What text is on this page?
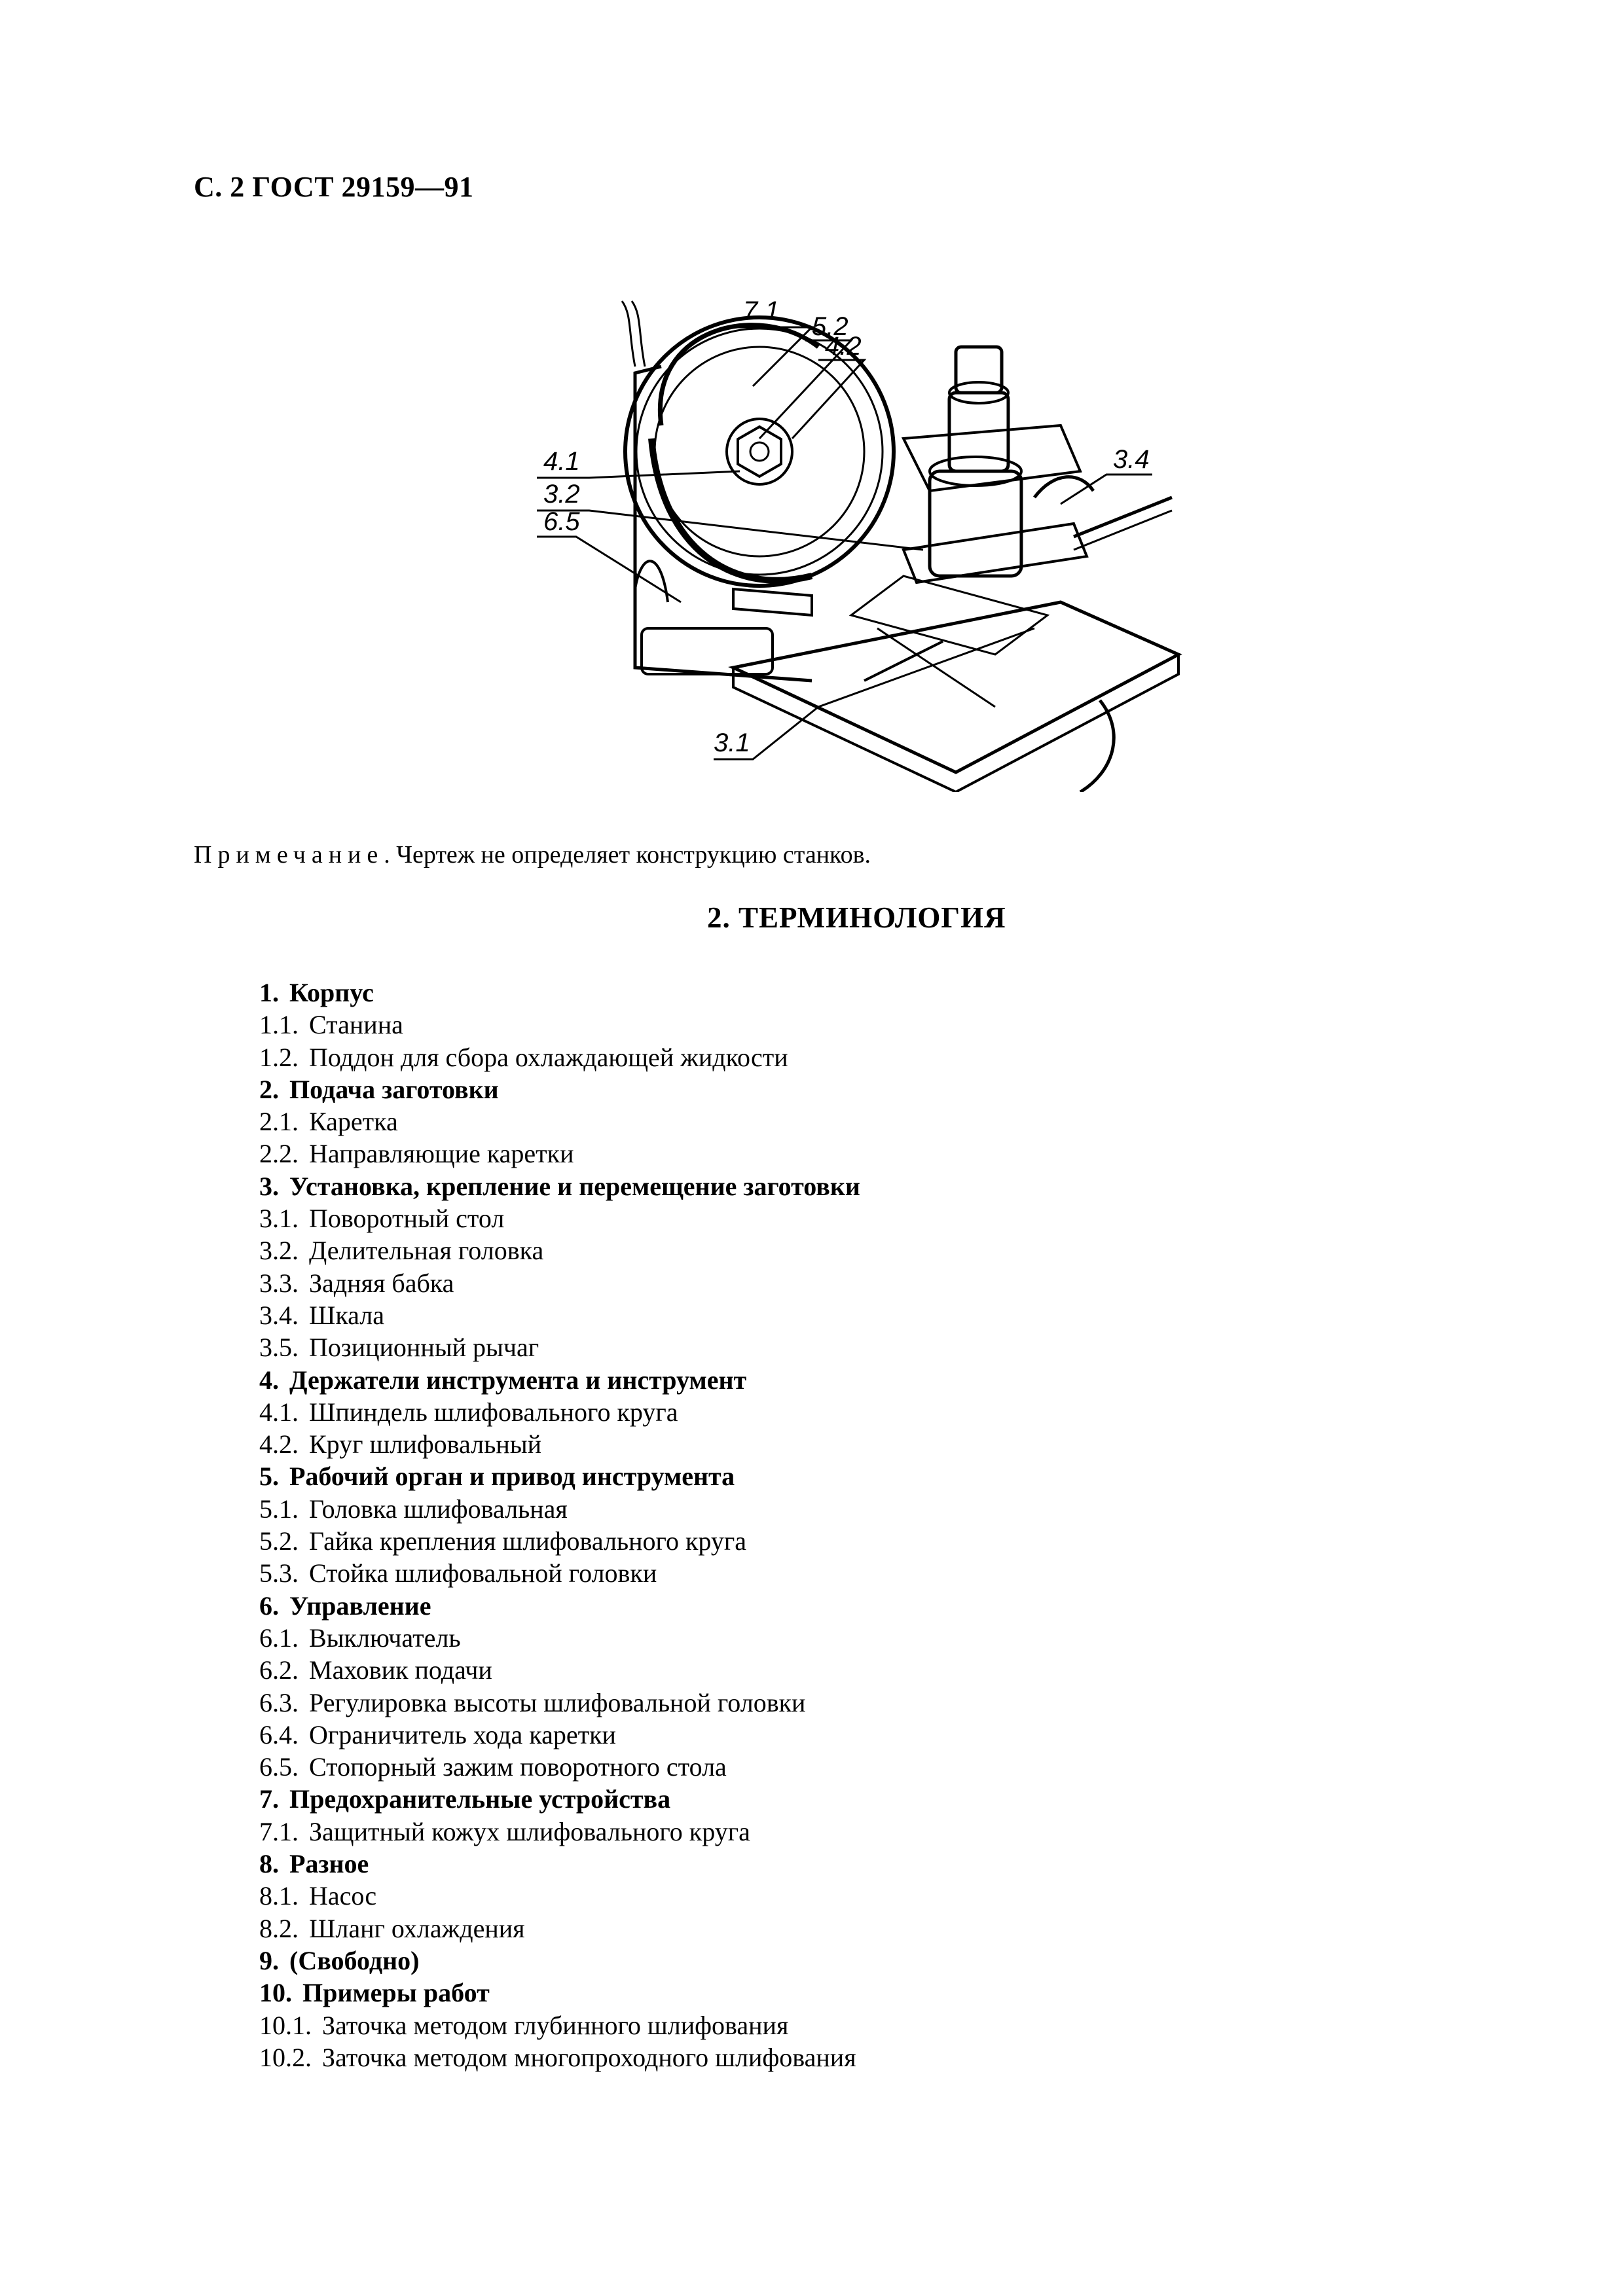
С. 2 ГОСТ 29159—91
7.1
5.2
4.2
4.1
3.2
6.5
3.4
3.1
Примечание. Чертеж не определяет конструкцию станков.
2. ТЕРМИНОЛОГИЯ
1. Корпус
1.1. Станина
1.2. Поддон для сбора охлаждающей жидкости
2. Подача заготовки
2.1. Каретка
2.2. Направляющие каретки
3. Установка, крепление и перемещение заготовки
3.1. Поворотный стол
3.2. Делительная головка
3.3. Задняя бабка
3.4. Шкала
3.5. Позиционный рычаг
4. Держатели инструмента и инструмент
4.1. Шпиндель шлифовального круга
4.2. Круг шлифовальный
5. Рабочий орган и привод инструмента
5.1. Головка шлифовальная
5.2. Гайка крепления шлифовального круга
5.3. Стойка шлифовальной головки
6. Управление
6.1. Выключатель
6.2. Маховик подачи
6.3. Регулировка высоты шлифовальной головки
6.4. Ограничитель хода каретки
6.5. Стопорный зажим поворотного стола
7. Предохранительные устройства
7.1. Защитный кожух шлифовального круга
8. Разное
8.1. Насос
8.2. Шланг охлаждения
9. (Свободно)
10. Примеры работ
10.1. Заточка методом глубинного шлифования
10.2. Заточка методом многопроходного шлифования
